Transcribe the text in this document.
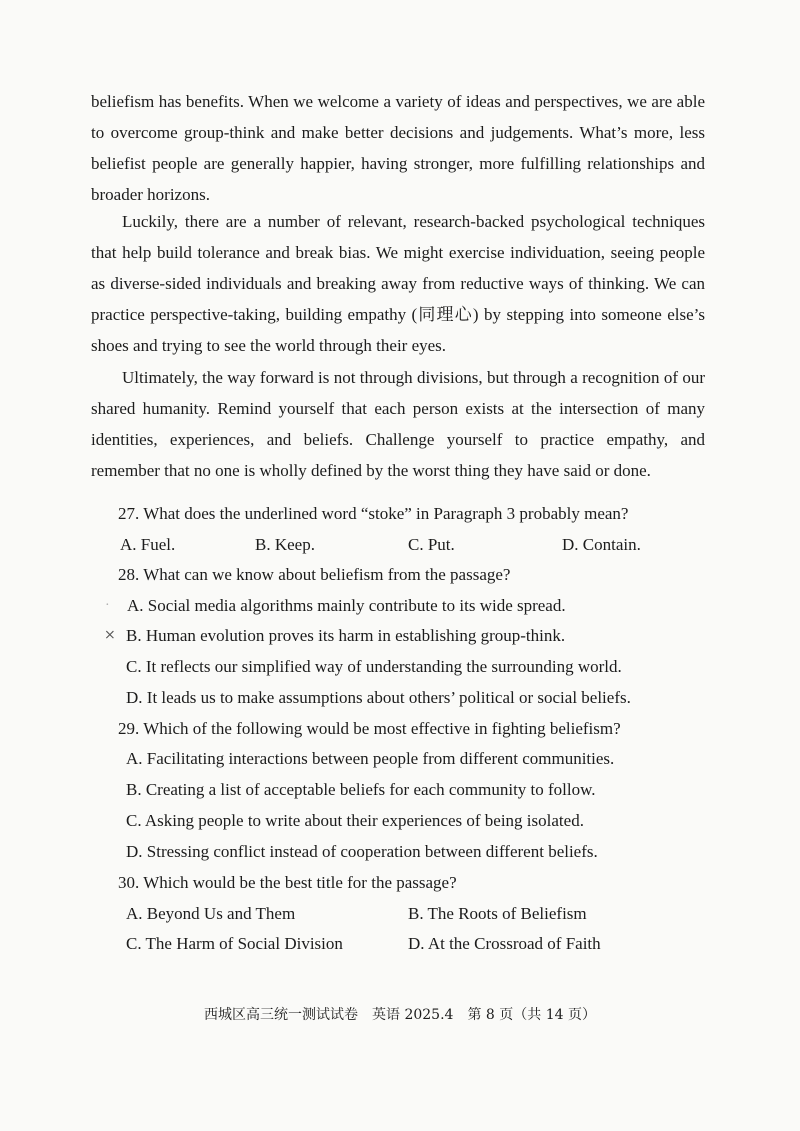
beliefism has benefits. When we welcome a variety of ideas and perspectives, we are able to overcome group-think and make better decisions and judgements. What’s more, less beliefist people are generally happier, having stronger, more fulfilling relationships and broader horizons.

Luckily, there are a number of relevant, research-backed psychological techniques that help build tolerance and break bias. We might exercise individuation, seeing people as diverse-sided individuals and breaking away from reductive ways of thinking. We can practice perspective-taking, building empathy (同理心) by stepping into someone else’s shoes and trying to see the world through their eyes.

Ultimately, the way forward is not through divisions, but through a recognition of our shared humanity. Remind yourself that each person exists at the intersection of many identities, experiences, and beliefs. Challenge yourself to practice empathy, and remember that no one is wholly defined by the worst thing they have said or done.

27. What does the underlined word “stoke” in Paragraph 3 probably mean?

A. Fuel.	B. Keep.	C. Put.	D. Contain.

28. What can we know about beliefism from the passage?

· A. Social media algorithms mainly contribute to its wide spread.

⨯ B. Human evolution proves its harm in establishing group-think.

C. It reflects our simplified way of understanding the surrounding world.

D. It leads us to make assumptions about others’ political or social beliefs.

29. Which of the following would be most effective in fighting beliefism?

A. Facilitating interactions between people from different communities.

B. Creating a list of acceptable beliefs for each community to follow.

C. Asking people to write about their experiences of being isolated.

D. Stressing conflict instead of cooperation between different beliefs.

30. Which would be the best title for the passage?

A. Beyond Us and Them	B. The Roots of Beliefism

C. The Harm of Social Division	D. At the Crossroad of Faith

西城区高三统一测试试卷　英语 2025.4　第 8 页（共 14 页）
